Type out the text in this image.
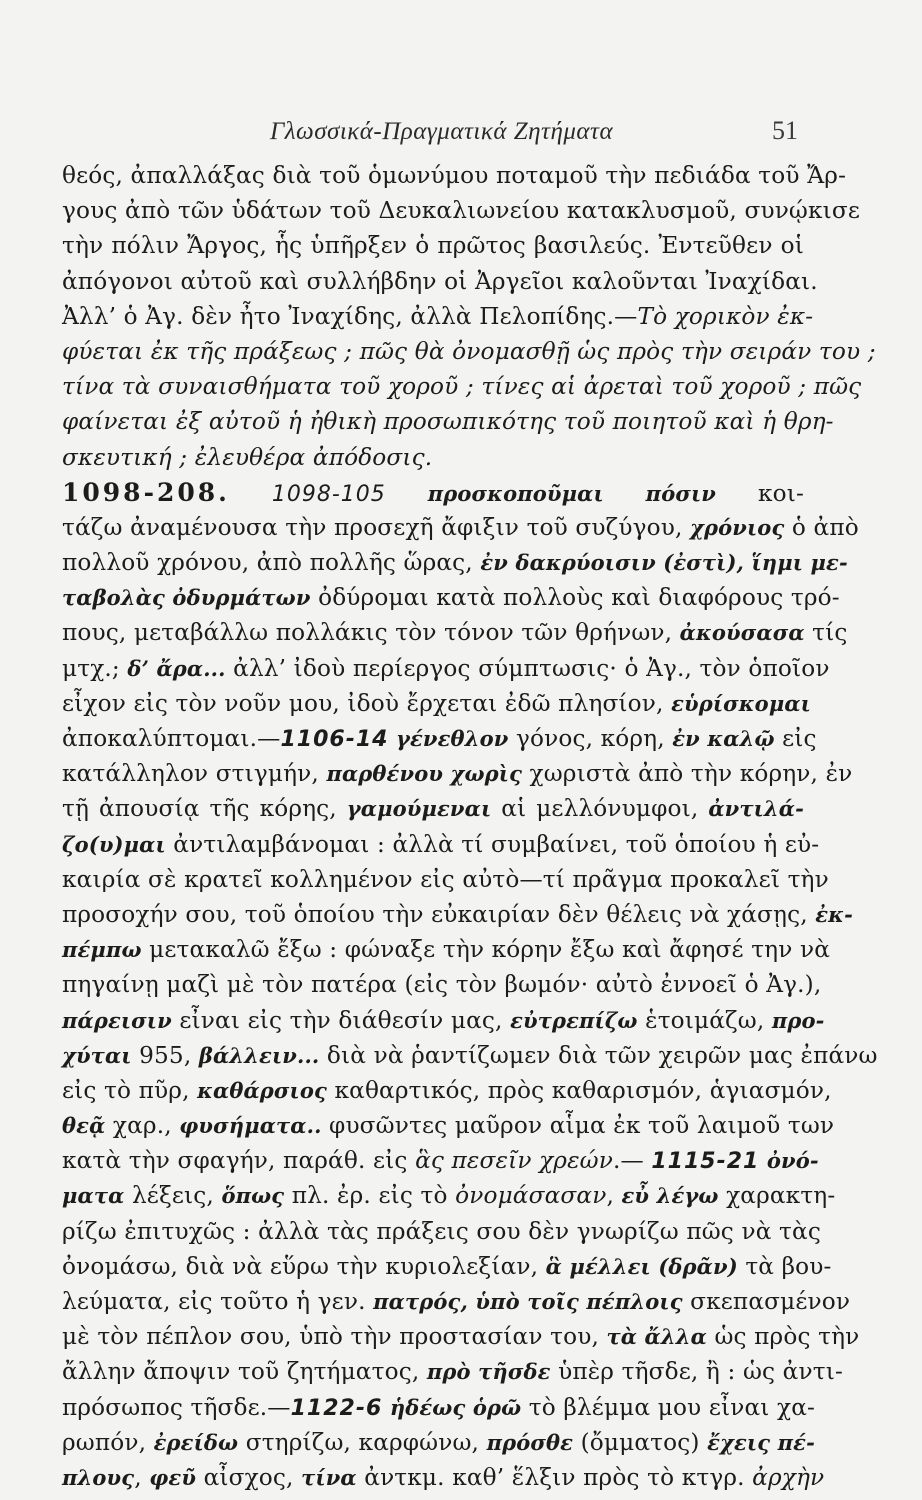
Γλωσσικά-Πραγματικά Ζητήματα	51
θεός, ἀπαλλάξας διὰ τοῦ ὁμωνύμου ποταμοῦ τὴν πεδιάδα τοῦ Ἄρ-
γους ἀπὸ τῶν ὑδάτων τοῦ Δευκαλιωνείου κατακλυσμοῦ, συνῴκισε
τὴν πόλιν Ἄργος, ἧς ὑπῆρξεν ὁ πρῶτος βασιλεύς. Ἐντεῦθεν οἱ
ἀπόγονοι αὐτοῦ καὶ συλλήβδην οἱ Ἀργεῖοι καλοῦνται Ἰναχίδαι.
Ἀλλ’ ὁ Ἀγ. δὲν ἦτο Ἰναχίδης, ἀλλὰ Πελοπίδης.—Τὸ χορικὸν ἐκ-
φύεται ἐκ τῆς πράξεως ; πῶς θὰ ὀνομασθῇ ὡς πρὸς τὴν σειράν του ;
τίνα τὰ συναισθήματα τοῦ χοροῦ ; τίνες αἱ ἀρεταὶ τοῦ χοροῦ ; πῶς
φαίνεται ἐξ αὐτοῦ ἡ ἠθικὴ προσωπικότης τοῦ ποιητοῦ καὶ ἡ θρη-
σκευτική ; ἐλευθέρα ἀπόδοσις.
1098-208. 1098-105 προσκοποῦμαι πόσιν κοι-
τάζω ἀναμένουσα τὴν προσεχῆ ἄφιξιν τοῦ συζύγου, χρόνιος ὁ ἀπὸ
πολλοῦ χρόνου, ἀπὸ πολλῆς ὥρας, ἐν δακρύοισιν (ἐστὶ), ἵημι με-
ταβολὰς ὀδυρμάτων ὀδύρομαι κατὰ πολλοὺς καὶ διαφόρους τρό-
πους, μεταβάλλω πολλάκις τὸν τόνον τῶν θρήνων, ἀκούσασα τίς
μτχ.; δ’ ἄρα... ἀλλ’ ἰδοὺ περίεργος σύμπτωσις· ὁ Ἀγ., τὸν ὁποῖον
εἶχον εἰς τὸν νοῦν μου, ἰδοὺ ἔρχεται ἐδῶ πλησίον, εὑρίσκομαι
ἀποκαλύπτομαι.—1106-14 γένεθλον γόνος, κόρη, ἐν καλῷ εἰς
κατάλληλον στιγμήν, παρθένου χωρὶς χωριστὰ ἀπὸ τὴν κόρην, ἐν
τῇ ἀπουσίᾳ τῆς κόρης, γαμούμεναι αἱ μελλόνυμφοι, ἀντιλά-
ζο(υ)μαι ἀντιλαμβάνομαι : ἀλλὰ τί συμβαίνει, τοῦ ὁποίου ἡ εὐ-
καιρία σὲ κρατεῖ κολλημένον εἰς αὐτὸ—τί πρᾶγμα προκαλεῖ τὴν
προσοχήν σου, τοῦ ὁποίου τὴν εὐκαιρίαν δὲν θέλεις νὰ χάσῃς, ἐκ-
πέμπω μετακαλῶ ἔξω : φώναξε τὴν κόρην ἔξω καὶ ἄφησέ την νὰ
πηγαίνῃ μαζὶ μὲ τὸν πατέρα (εἰς τὸν βωμόν· αὐτὸ ἐννοεῖ ὁ Ἀγ.),
πάρεισιν εἶναι εἰς τὴν διάθεσίν μας, εὐτρεπίζω ἑτοιμάζω, προ-
χύται 955, βάλλειν... διὰ νὰ ῥαντίζωμεν διὰ τῶν χειρῶν μας ἐπάνω
εἰς τὸ πῦρ, καθάρσιος καθαρτικός, πρὸς καθαρισμόν, ἁγιασμόν,
θεᾷ χαρ., φυσήματα.. φυσῶντες μαῦρον αἷμα ἐκ τοῦ λαιμοῦ των
κατὰ τὴν σφαγήν, παράθ. εἰς ἃς πεσεῖν χρεών.— 1115-21 ὀνό-
ματα λέξεις, ὅπως πλ. ἐρ. εἰς τὸ ὀνομάσασαν, εὖ λέγω χαρακτη-
ρίζω ἐπιτυχῶς : ἀλλὰ τὰς πράξεις σου δὲν γνωρίζω πῶς νὰ τὰς
ὀνομάσω, διὰ νὰ εὕρω τὴν κυριολεξίαν, ἃ μέλλει (δρᾶν) τὰ βου-
λεύματα, εἰς τοῦτο ἡ γεν. πατρός, ὑπὸ τοῖς πέπλοις σκεπασμένον
μὲ τὸν πέπλον σου, ὑπὸ τὴν προστασίαν του, τὰ ἄλλα ὡς πρὸς τὴν
ἄλλην ἄποψιν τοῦ ζητήματος, πρὸ τῆσδε ὑπὲρ τῆσδε, ἢ : ὡς ἀντι-
πρόσωπος τῆσδε.—1122-6 ἡδέως ὁρῶ τὸ βλέμμα μου εἶναι χα-
ρωπόν, ἐρείδω στηρίζω, καρφώνω, πρόσθε (ὄμματος) ἔχεις πέ-
πλους, φεῦ αἶσχος, τίνα ἀντκμ. καθ’ ἕλξιν πρὸς τὸ κτγρ. ἀρχὴν
